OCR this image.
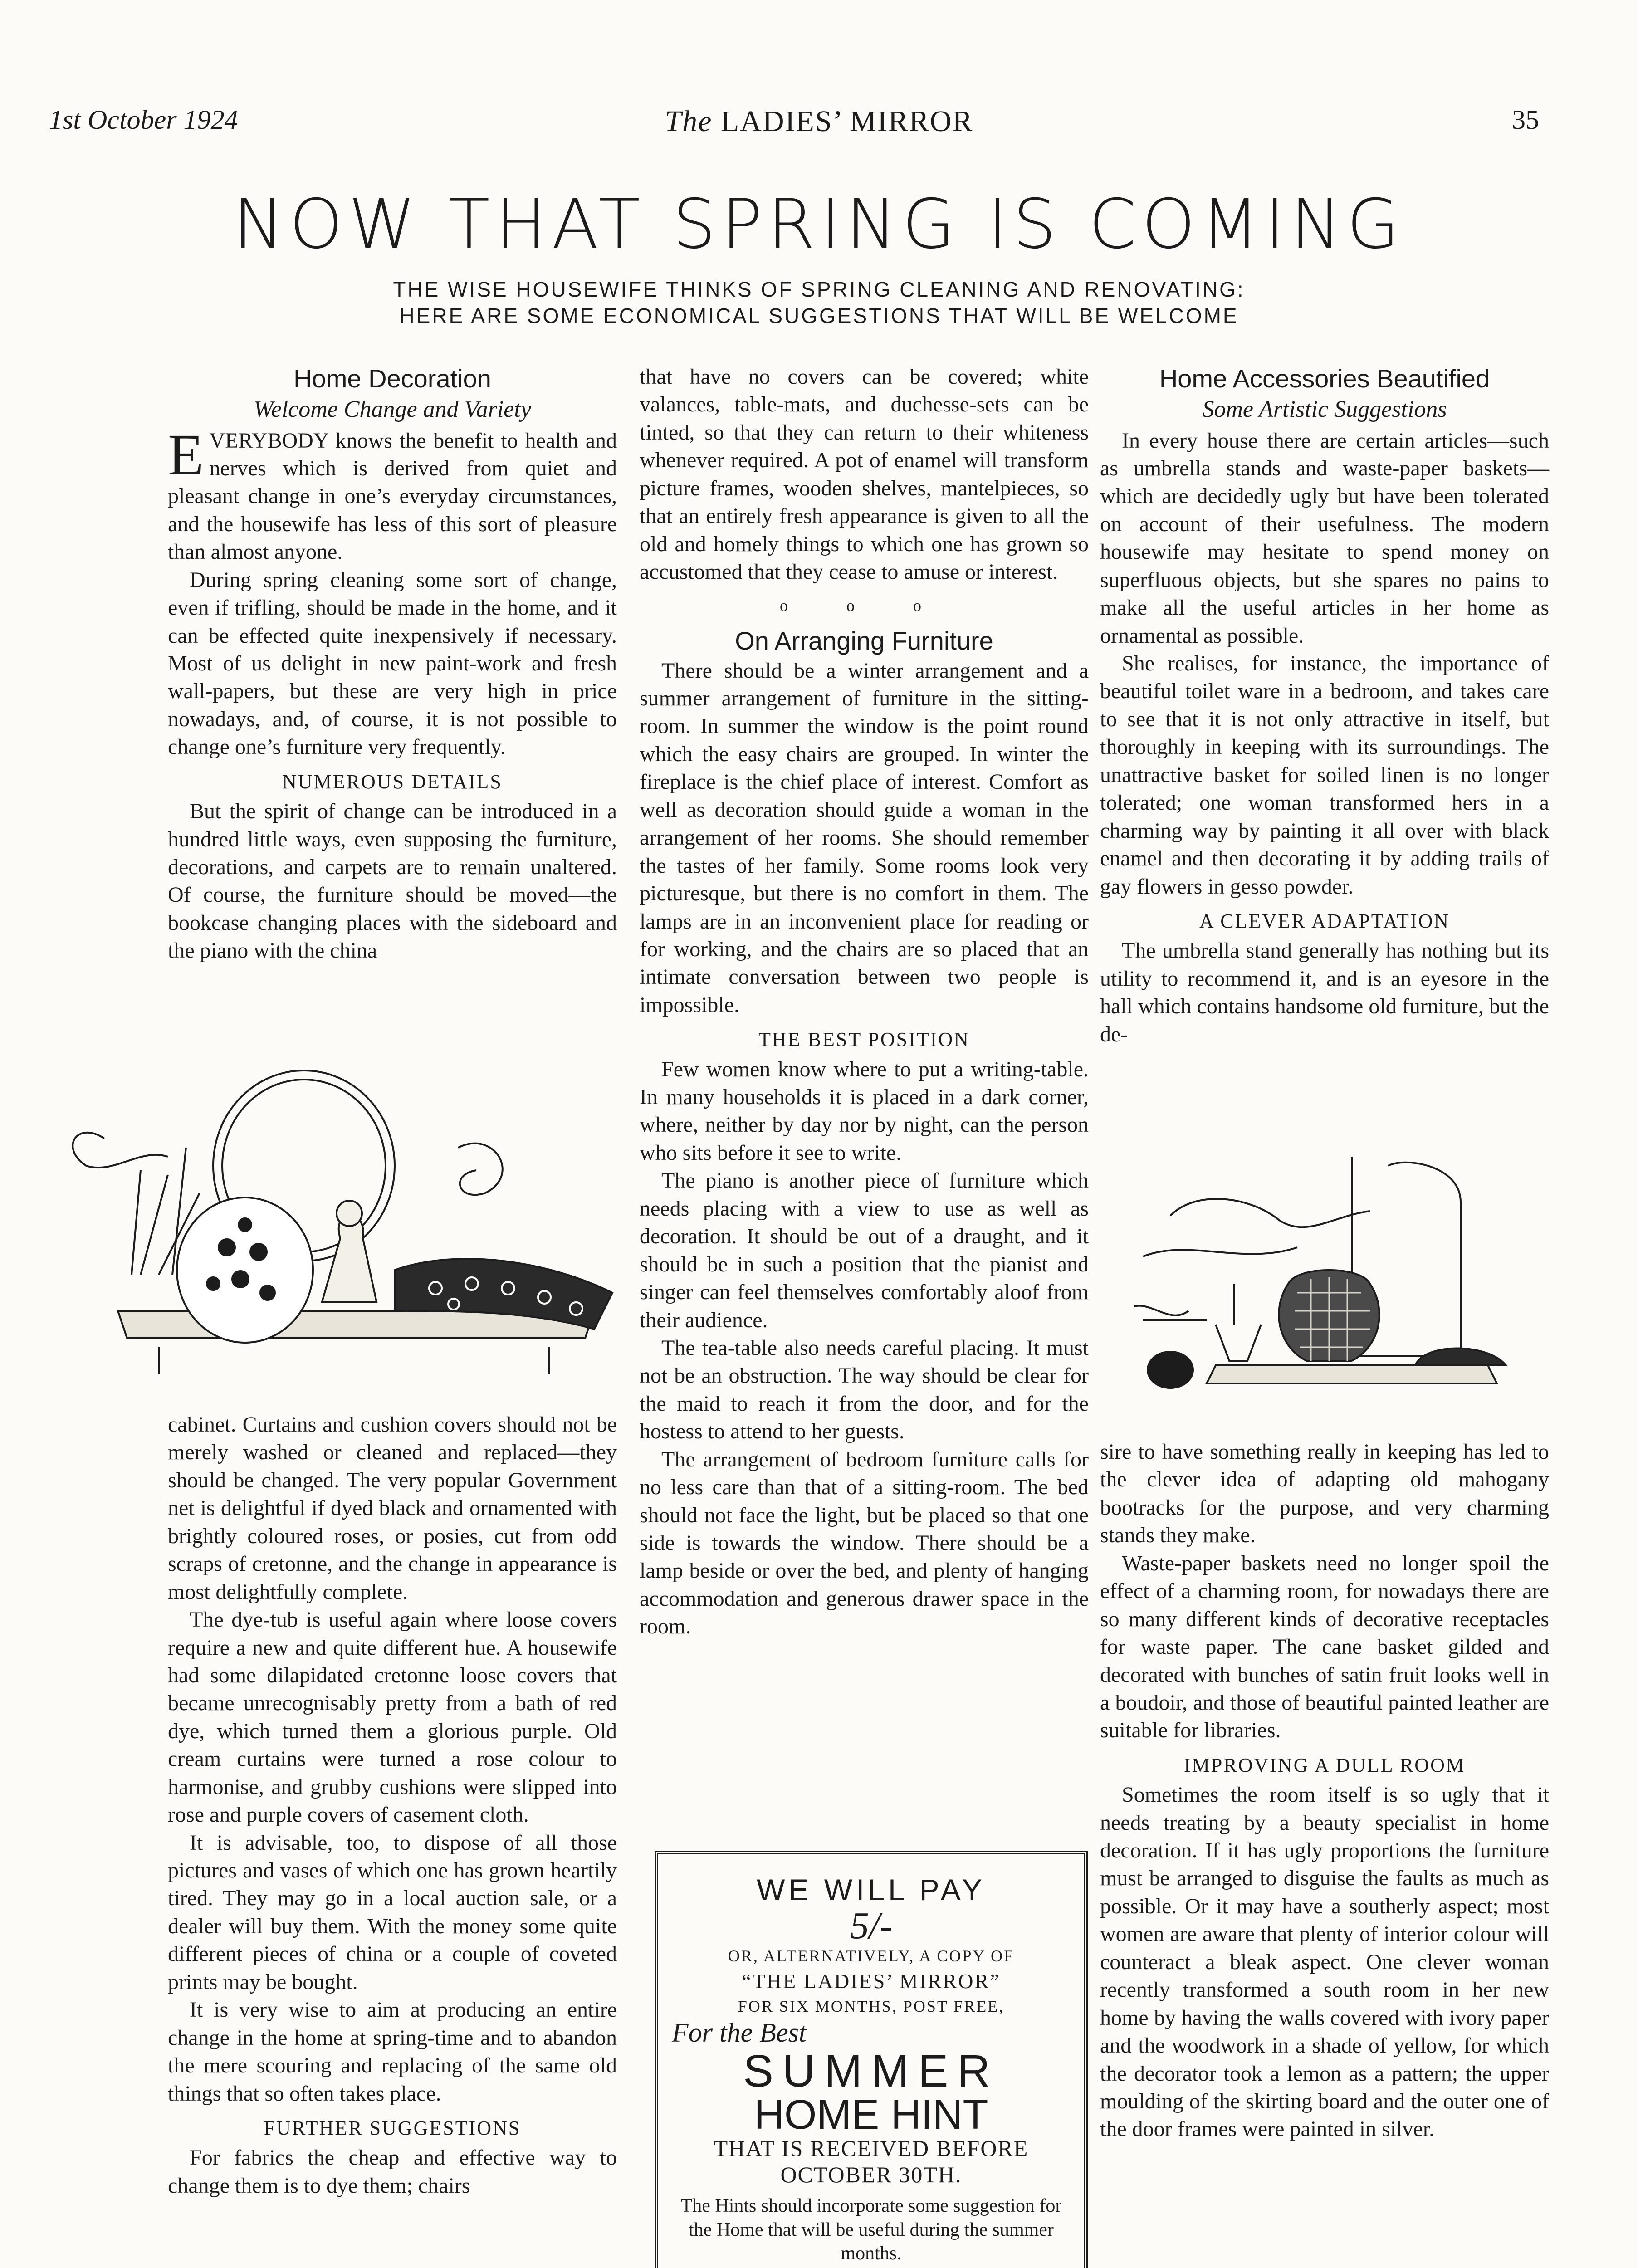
1st October 1924	The LADIES’ MIRROR	35
NOW THAT SPRING IS COMING
THE WISE HOUSEWIFE THINKS OF SPRING CLEANING AND RENOVATING:
HERE ARE SOME ECONOMICAL SUGGESTIONS THAT WILL BE WELCOME
Home Decoration
Welcome Change and Variety

EVERYBODY knows the benefit to health and nerves which is derived from quiet and pleasant change in one’s everyday circumstances, and the housewife has less of this sort of pleasure than almost anyone.

During spring cleaning some sort of change, even if trifling, should be made in the home, and it can be effected quite inexpensively if necessary. Most of us delight in new paint-work and fresh wall-papers, but these are very high in price nowadays, and, of course, it is not possible to change one’s furniture very frequently.

NUMEROUS DETAILS

But the spirit of change can be introduced in a hundred little ways, even supposing the furniture, decorations, and carpets are to remain unaltered. Of course, the furniture should be moved—the bookcase changing places with the sideboard and the piano with the china

cabinet. Curtains and cushion covers should not be merely washed or cleaned and replaced—they should be changed. The very popular Government net is delightful if dyed black and ornamented with brightly coloured roses, or posies, cut from odd scraps of cretonne, and the change in appearance is most delightfully complete.

The dye-tub is useful again where loose covers require a new and quite different hue. A housewife had some dilapidated cretonne loose covers that became unrecognisably pretty from a bath of red dye, which turned them a glorious purple. Old cream curtains were turned a rose colour to harmonise, and grubby cushions were slipped into rose and purple covers of casement cloth.

It is advisable, too, to dispose of all those pictures and vases of which one has grown heartily tired. They may go in a local auction sale, or a dealer will buy them. With the money some quite different pieces of china or a couple of coveted prints may be bought.

It is very wise to aim at producing an entire change in the home at spring-time and to abandon the mere scouring and replacing of the same old things that so often takes place.

FURTHER SUGGESTIONS

For fabrics the cheap and effective way to change them is to dye them; chairs

that have no covers can be covered; white valances, table-mats, and duchesse-sets can be tinted, so that they can return to their whiteness whenever required. A pot of enamel will transform picture frames, wooden shelves, mantelpieces, so that an entirely fresh appearance is given to all the old and homely things to which one has grown so accustomed that they cease to amuse or interest.

o o o
On Arranging Furniture

There should be a winter arrangement and a summer arrangement of furniture in the sitting-room. In summer the window is the point round which the easy chairs are grouped. In winter the fireplace is the chief place of interest. Comfort as well as decoration should guide a woman in the arrangement of her rooms. She should remember the tastes of her family. Some rooms look very picturesque, but there is no comfort in them. The lamps are in an inconvenient place for reading or for working, and the chairs are so placed that an intimate conversation between two people is impossible.

THE BEST POSITION

Few women know where to put a writing-table. In many households it is placed in a dark corner, where, neither by day nor by night, can the person who sits before it see to write.

The piano is another piece of furniture which needs placing with a view to use as well as decoration. It should be out of a draught, and it should be in such a position that the pianist and singer can feel themselves comfortably aloof from their audience.

The tea-table also needs careful placing. It must not be an obstruction. The way should be clear for the maid to reach it from the door, and for the hostess to attend to her guests.

The arrangement of bedroom furniture calls for no less care than that of a sitting-room. The bed should not face the light, but be placed so that one side is towards the window. There should be a lamp beside or over the bed, and plenty of hanging accommodation and generous drawer space in the room.

WE WILL PAY
5/-
OR, ALTERNATIVELY, A COPY OF
“THE LADIES’ MIRROR”
FOR SIX MONTHS, POST FREE,
For the Best
SUMMER
HOME HINT
THAT IS RECEIVED BEFORE
OCTOBER 30TH.
The Hints should incorporate some suggestion for the Home that will be useful during the summer months.
Home Accessories Beautified
Some Artistic Suggestions

In every house there are certain articles—such as umbrella stands and waste-paper baskets—which are decidedly ugly but have been tolerated on account of their usefulness. The modern housewife may hesitate to spend money on superfluous objects, but she spares no pains to make all the useful articles in her home as ornamental as possible.

She realises, for instance, the importance of beautiful toilet ware in a bedroom, and takes care to see that it is not only attractive in itself, but thoroughly in keeping with its surroundings. The unattractive basket for soiled linen is no longer tolerated; one woman transformed hers in a charming way by painting it all over with black enamel and then decorating it by adding trails of gay flowers in gesso powder.

A CLEVER ADAPTATION

The umbrella stand generally has nothing but its utility to recommend it, and is an eyesore in the hall which contains handsome old furniture, but the de-

sire to have something really in keeping has led to the clever idea of adapting old mahogany bootracks for the purpose, and very charming stands they make.

Waste-paper baskets need no longer spoil the effect of a charming room, for nowadays there are so many different kinds of decorative receptacles for waste paper. The cane basket gilded and decorated with bunches of satin fruit looks well in a boudoir, and those of beautiful painted leather are suitable for libraries.

IMPROVING A DULL ROOM

Sometimes the room itself is so ugly that it needs treating by a beauty specialist in home decoration. If it has ugly proportions the furniture must be arranged to disguise the faults as much as possible. Or it may have a southerly aspect; most women are aware that plenty of interior colour will counteract a bleak aspect. One clever woman recently transformed a south room in her new home by having the walls covered with ivory paper and the woodwork in a shade of yellow, for which the decorator took a lemon as a pattern; the upper moulding of the skirting board and the outer one of the door frames were painted in silver.
